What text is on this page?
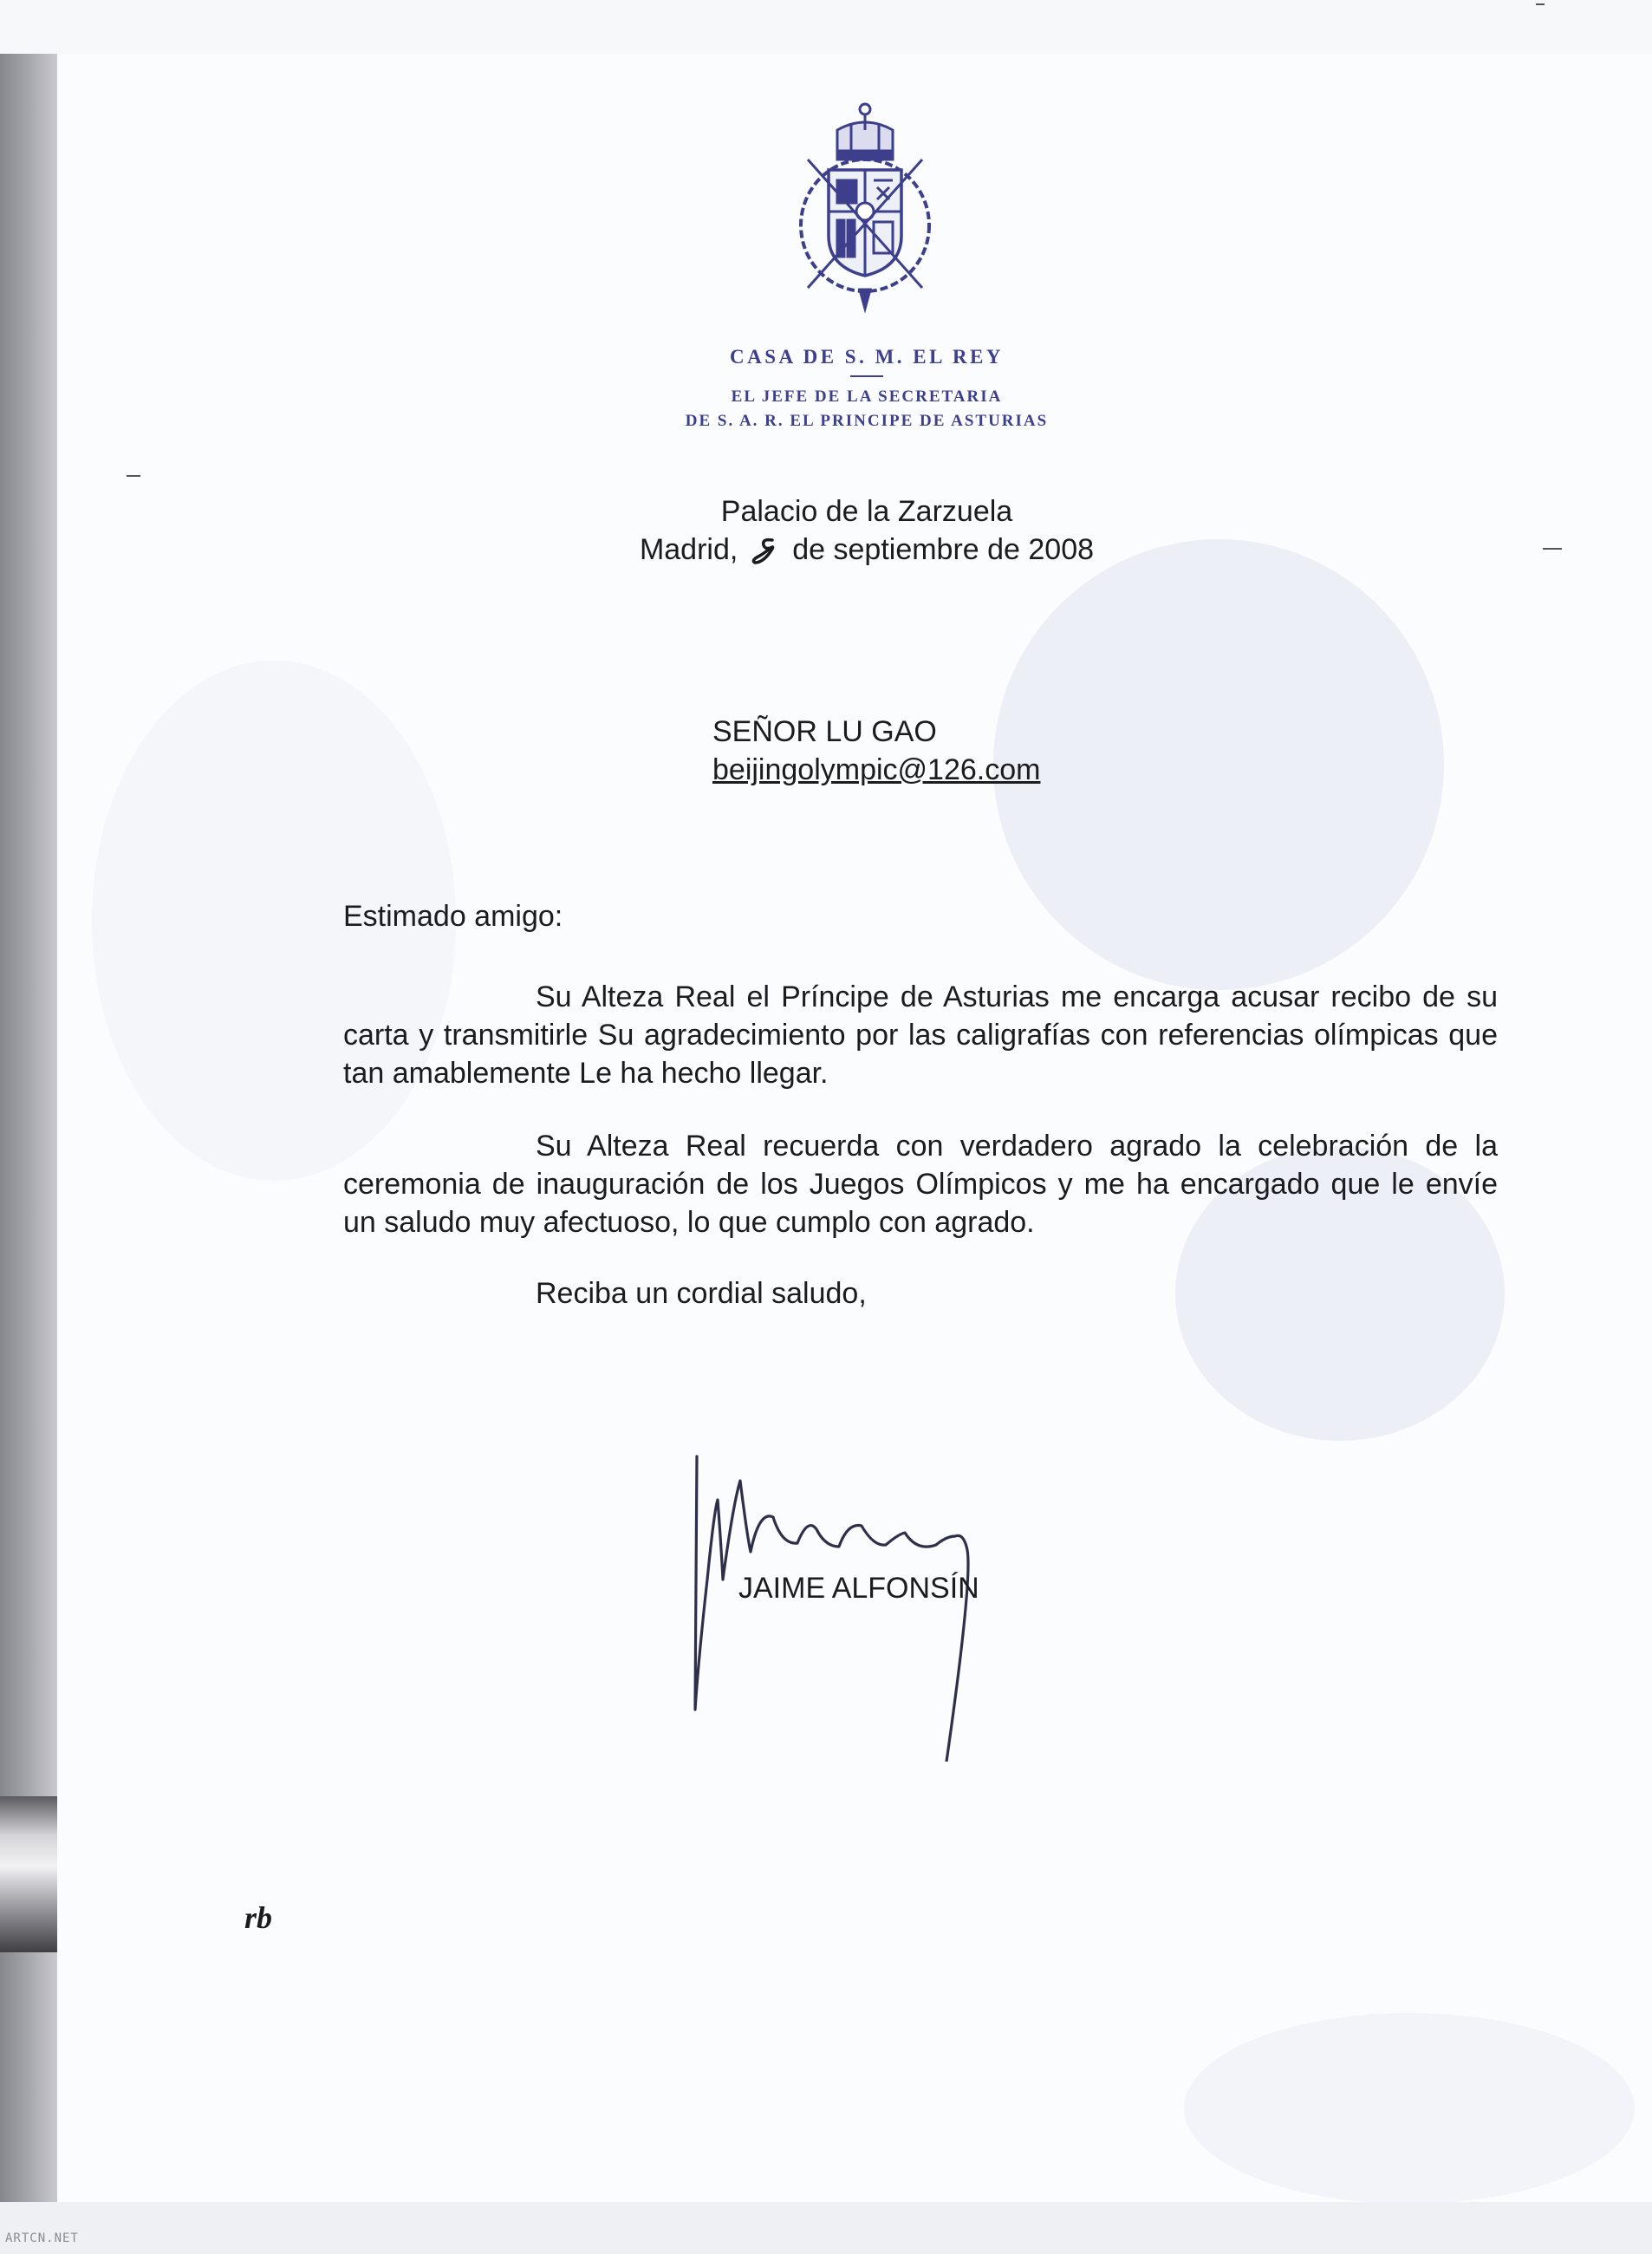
CASA DE S. M. EL REY
EL JEFE DE LA SECRETARIA
DE S. A. R. EL PRINCIPE DE ASTURIAS
Palacio de la Zarzuela
Madrid, de septiembre de 2008
SEÑOR LU GAO
beijingolympic@126.com
Estimado amigo:
Su Alteza Real el Príncipe de Asturias me encarga acusar recibo de su carta y transmitirle Su agradecimiento por las caligrafías con referencias olímpicas que tan amablemente Le ha hecho llegar.
Su Alteza Real recuerda con verdadero agrado la celebración de la ceremonia de inauguración de los Juegos Olímpicos y me ha encargado que le envíe un saludo muy afectuoso, lo que cumplo con agrado.
Reciba un cordial saludo,
JAIME ALFONSÍN
rb
ARTCN.NET
